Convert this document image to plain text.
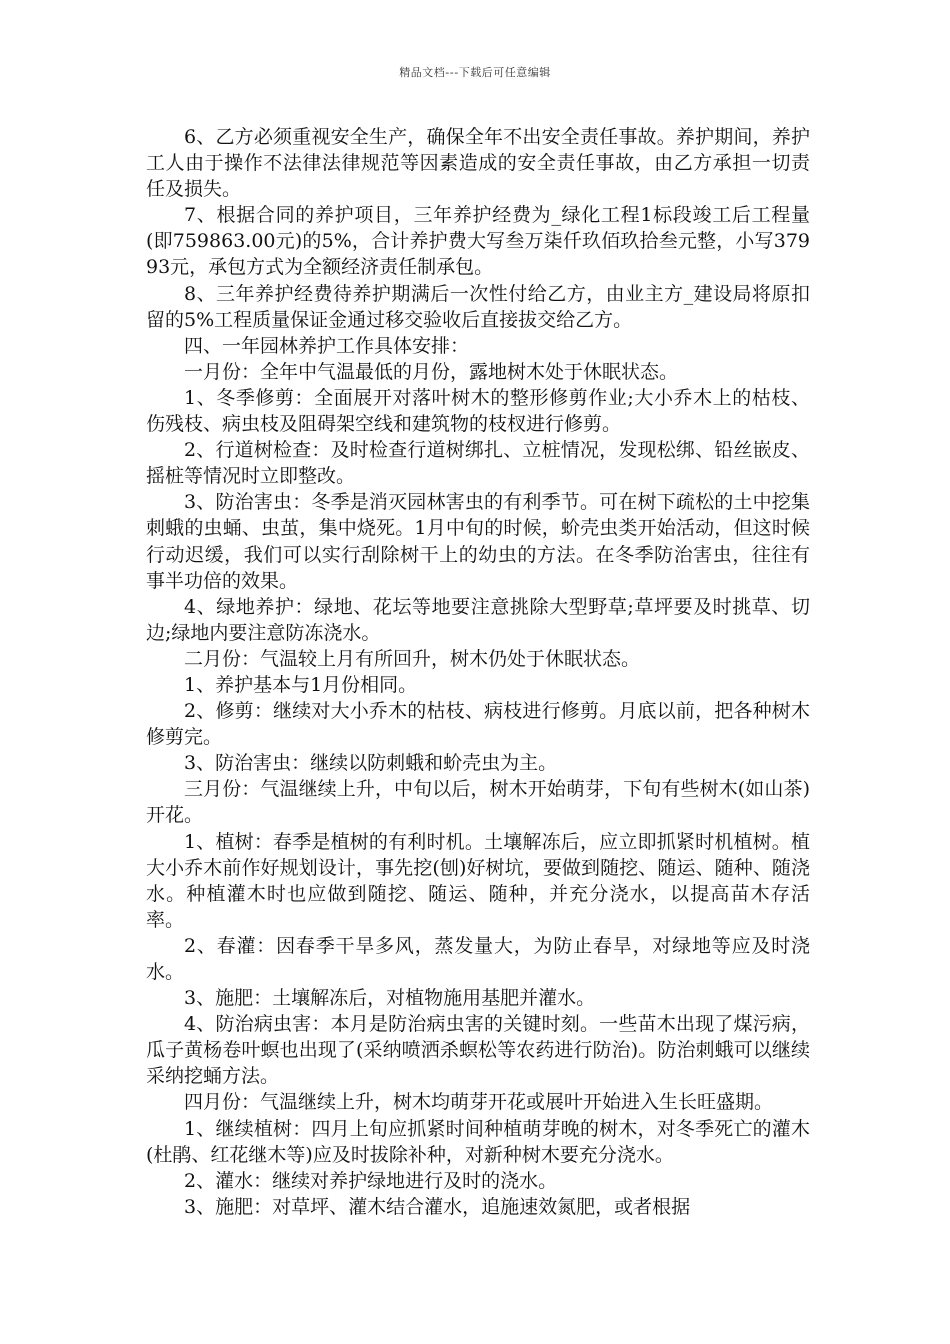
精品文档---下载后可任意编辑

6、乙方必须重视安全生产，确保全年不出安全责任事故。养护期间，养护工人由于操作不法律法律规范等因素造成的安全责任事故，由乙方承担一切责任及损失。

7、根据合同的养护项目，三年养护经费为_绿化工程1标段竣工后工程量(即759863.00元)的5%，合计养护费大写叁万柒仟玖佰玖拾叁元整，小写37993元，承包方式为全额经济责任制承包。

8、三年养护经费待养护期满后一次性付给乙方，由业主方_建设局将原扣留的5%工程质量保证金通过移交验收后直接拔交给乙方。

四、一年园林养护工作具体安排：

一月份：全年中气温最低的月份，露地树木处于休眠状态。

1、冬季修剪：全面展开对落叶树木的整形修剪作业;大小乔木上的枯枝、伤残枝、病虫枝及阻碍架空线和建筑物的枝杈进行修剪。

2、行道树检查：及时检查行道树绑扎、立桩情况，发现松绑、铅丝嵌皮、摇桩等情况时立即整改。

3、防治害虫：冬季是消灭园林害虫的有利季节。可在树下疏松的土中挖集刺蛾的虫蛹、虫茧，集中烧死。1月中旬的时候，蚧壳虫类开始活动，但这时候行动迟缓，我们可以实行刮除树干上的幼虫的方法。在冬季防治害虫，往往有事半功倍的效果。

4、绿地养护：绿地、花坛等地要注意挑除大型野草;草坪要及时挑草、切边;绿地内要注意防冻浇水。

二月份：气温较上月有所回升，树木仍处于休眠状态。

1、养护基本与1月份相同。

2、修剪：继续对大小乔木的枯枝、病枝进行修剪。月底以前，把各种树木修剪完。

3、防治害虫：继续以防刺蛾和蚧壳虫为主。

三月份：气温继续上升，中旬以后，树木开始萌芽，下旬有些树木(如山茶)开花。

1、植树：春季是植树的有利时机。土壤解冻后，应立即抓紧时机植树。植大小乔木前作好规划设计，事先挖(刨)好树坑，要做到随挖、随运、随种、随浇水。种植灌木时也应做到随挖、随运、随种，并充分浇水，以提高苗木存活率。

2、春灌：因春季干旱多风，蒸发量大，为防止春旱，对绿地等应及时浇水。

3、施肥：土壤解冻后，对植物施用基肥并灌水。

4、防治病虫害：本月是防治病虫害的关键时刻。一些苗木出现了煤污病，瓜子黄杨卷叶螟也出现了(采纳喷洒杀螟松等农药进行防治)。防治刺蛾可以继续采纳挖蛹方法。

四月份：气温继续上升，树木均萌芽开花或展叶开始进入生长旺盛期。

1、继续植树：四月上旬应抓紧时间种植萌芽晚的树木，对冬季死亡的灌木(杜鹃、红花继木等)应及时拔除补种，对新种树木要充分浇水。

2、灌水：继续对养护绿地进行及时的浇水。

3、施肥：对草坪、灌木结合灌水，追施速效氮肥，或者根据
